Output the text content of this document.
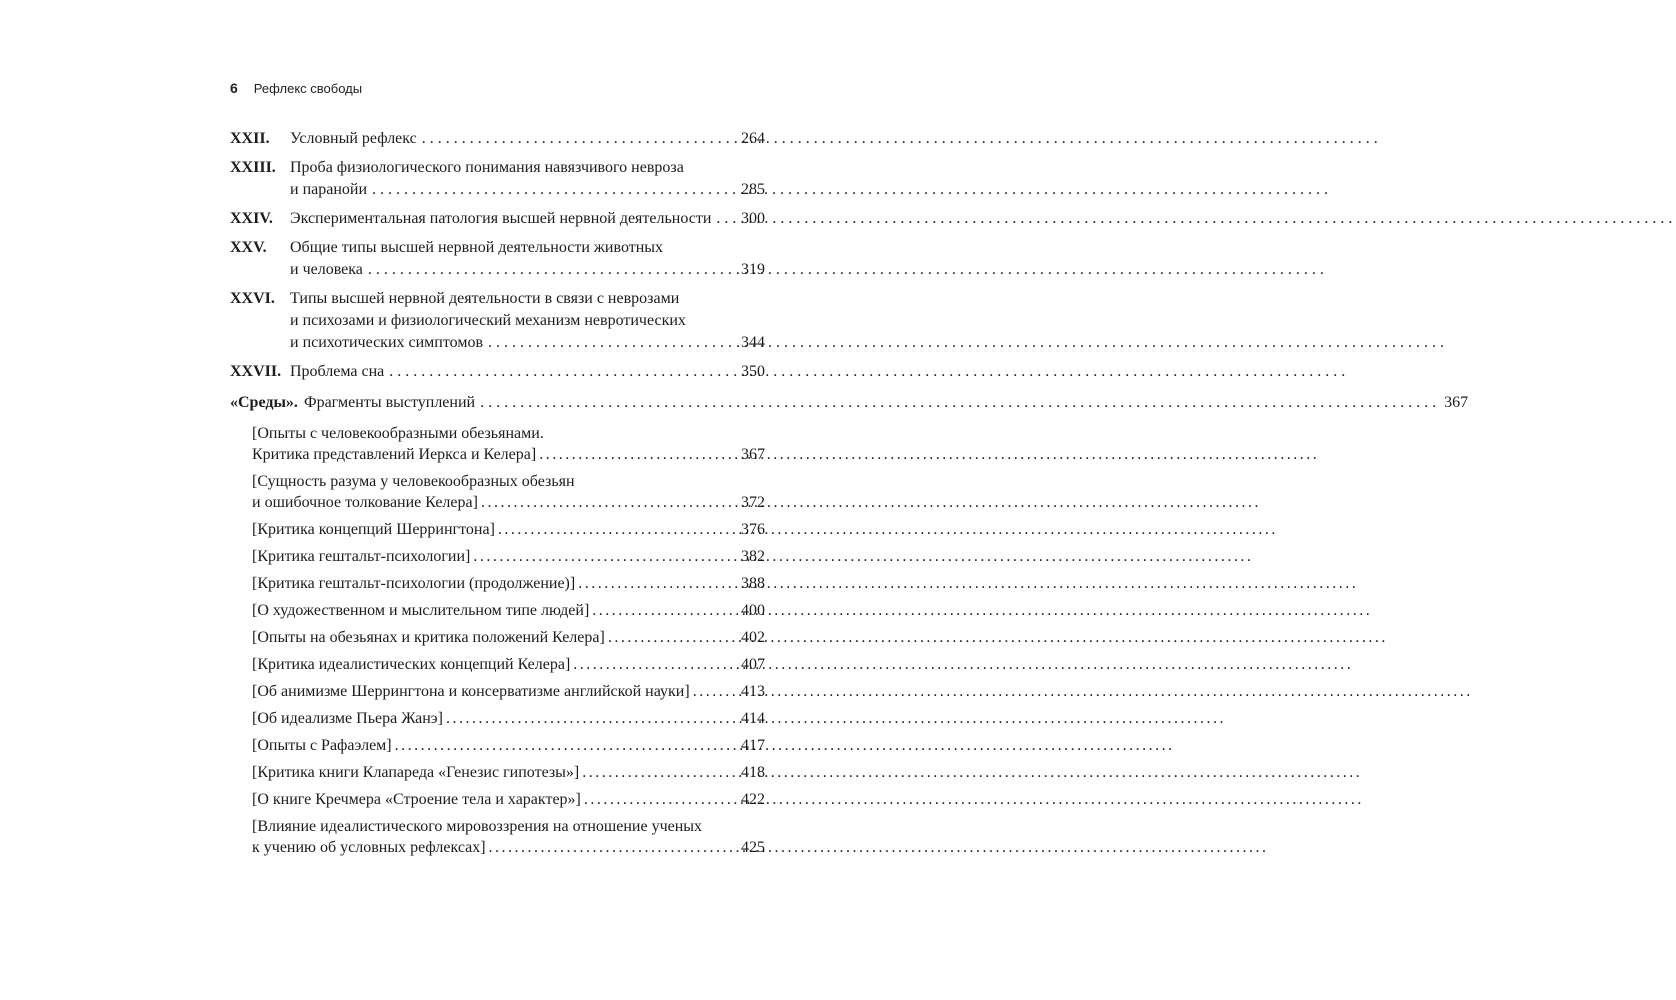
6 Рефлекс свободы
XXII.	Условный рефлекс .....	264
XXIII. Проба физиологического понимания навязчивого невроза
и паранойи .....	285
XXIV.	Экспериментальная патология высшей нервной деятельности ..... 300
XXV.	Общие типы высшей нервной деятельности животных
и человека .....	319
XXVI. Типы высшей нервной деятельности в связи с неврозами
и психозами и физиологический механизм невротических
и психотических симптомов .....	344
XXVII. Проблема сна .....	350
«Среды». Фрагменты выступлений .....	367
[Опыты с человекообразными обезьянами.
Критика представлений Иеркса и Келера] .....	367
[Сущность разума у человекообразных обезьян
и ошибочное толкование Келера] .....	372
[Критика концепций Шеррингтона] .....	376
[Критика гештальт-психологии] .....	382
[Критика гештальт-психологии (продолжение)] .....	388
[О художественном и мыслительном типе людей] .....	400
[Опыты на обезьянах и критика положений Келера] .....	402
[Критика идеалистических концепций Келера] .....	407
[Об анимизме Шеррингтона и консерватизме английской науки] .....	413
[Об идеализме Пьера Жанэ] .....	414
[Опыты с Рафаэлем] .....	417
[Критика книги Клапареда «Генезис гипотезы»] .....	418
[О книге Кречмера «Строение тела и характер»] .....	422
[Влияние идеалистического мировоззрения на отношение ученых
к учению об условных рефлексах] .....	425
